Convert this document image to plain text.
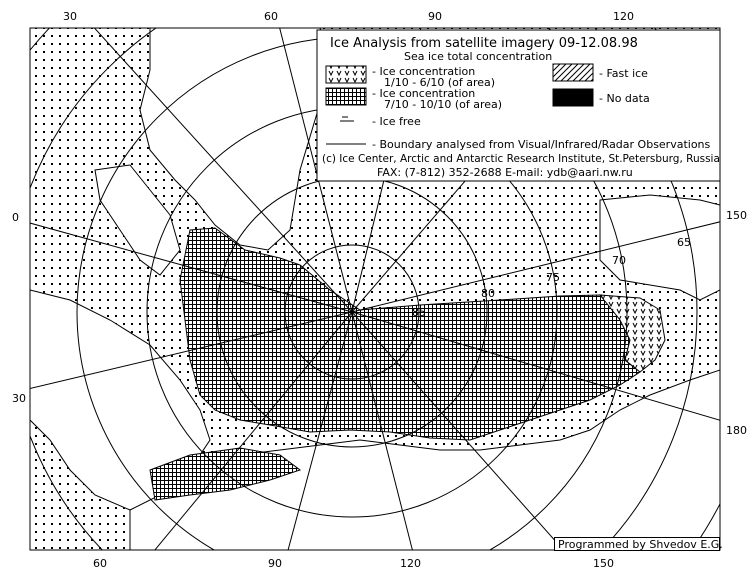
85
80
75
70
65
30	60	90	120
60	90	120	150
0
30
150
180
Ice Analysis from satellite imagery 09-12.08.98
Sea ice total concentration
- Ice concentration
1/10 - 6/10 (of area)
- Ice concentration
7/10 - 10/10 (of area)
- Fast ice
- No data
- Ice free
- Boundary analysed from Visual/Infrared/Radar Observations
(c) Ice Center, Arctic and Antarctic Research Institute, St.Petersburg, Russia
FAX: (7-812) 352-2688 E-mail: ydb@aari.nw.ru
Programmed by Shvedov E.G.
